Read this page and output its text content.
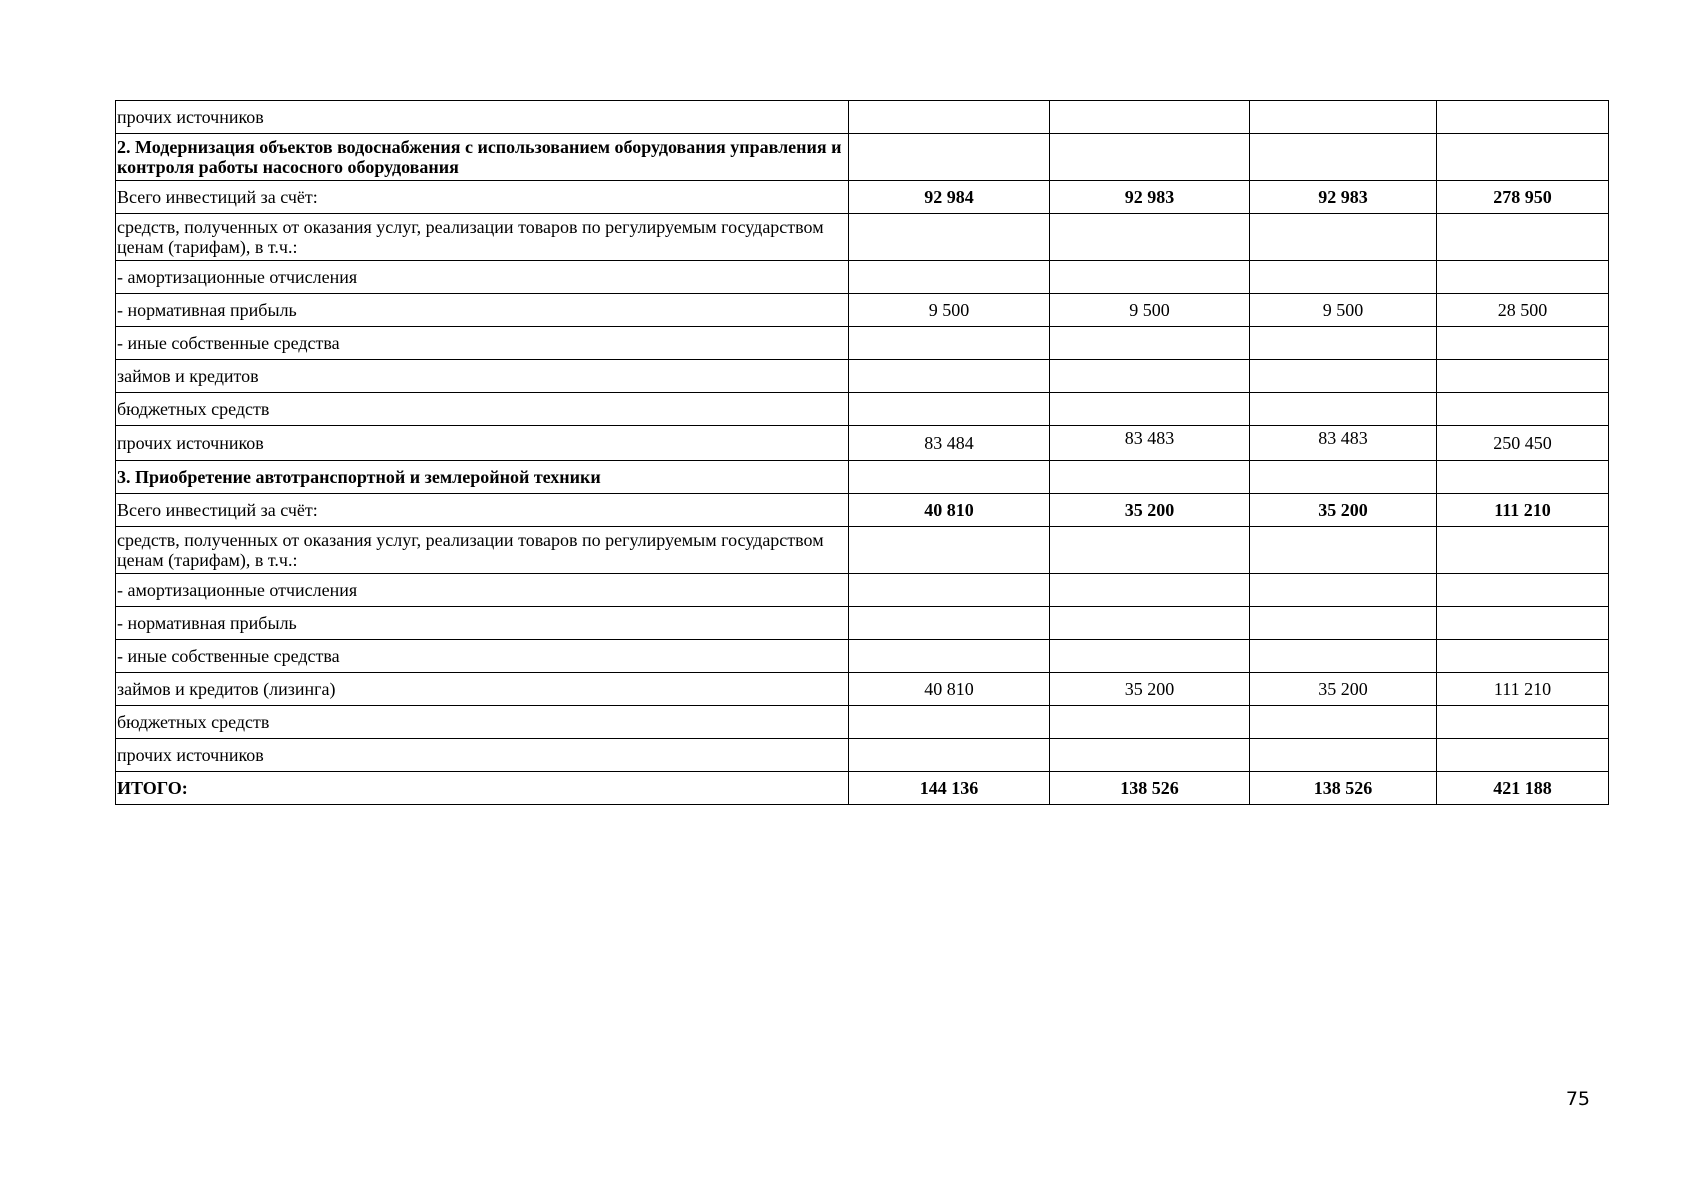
прочих источников				
2. Модернизация объектов водоснабжения с использованием оборудования управления и контроля работы насосного оборудования				
Всего инвестиций за счёт:	92 984	92 983	92 983	278 950
средств, полученных от оказания услуг, реализации товаров по регулируемым государством ценам (тарифам), в т.ч.:				
- амортизационные отчисления				
- нормативная прибыль	9 500	9 500	9 500	28 500
- иные собственные средства				
займов и кредитов				
бюджетных средств				
прочих источников	83 484	83 483	83 483	250 450
3. Приобретение автотранспортной и землеройной техники				
Всего инвестиций за счёт:	40 810	35 200	35 200	111 210
средств, полученных от оказания услуг, реализации товаров по регулируемым государством ценам (тарифам), в т.ч.:				
- амортизационные отчисления				
- нормативная прибыль				
- иные собственные средства				
займов и кредитов (лизинга)	40 810	35 200	35 200	111 210
бюджетных средств				
прочих источников				
ИТОГО:	144 136	138 526	138 526	421 188
75
